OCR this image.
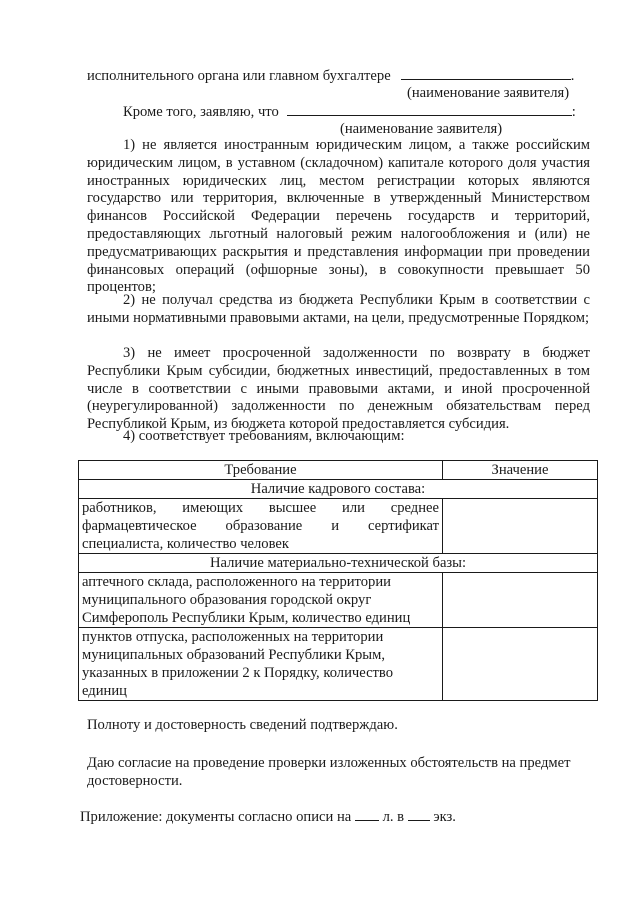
исполнительного органа или главном бухгалтере	.
(наименование заявителя)
Кроме того, заявляю, что	:
(наименование заявителя)

1) не является иностранным юридическим лицом, а также российским юридическим лицом, в уставном (складочном) капитале которого доля участия иностранных юридических лиц, местом регистрации которых являются государство или территория, включенные в утвержденный Министерством финансов Российской Федерации перечень государств и территорий, предоставляющих льготный налоговый режим налогообложения и (или) не предусматривающих раскрытия и представления информации при проведении финансовых операций (офшорные зоны), в совокупности превышает 50 процентов;

2) не получал средства из бюджета Республики Крым в соответствии с иными нормативными правовыми актами, на цели, предусмотренные Порядком;

3) не имеет просроченной задолженности по возврату в бюджет Республики Крым субсидии, бюджетных инвестиций, предоставленных в том числе в соответствии с иными правовыми актами, и иной просроченной (неурегулированной) задолженности по денежным обязательствам перед Республикой Крым, из бюджета которой предоставляется субсидия.

4) соответствует требованиям, включающим:

Требование	Значение
Наличие кадрового состава:	
работников, имеющих высшее или среднее фармацевтическое образование и сертификат специалиста, количество человек	
Наличие материально-технической базы:	

аптечного склада, расположенного на территории
муниципального образования городской округ
Симферополь Республики Крым, количество единиц	

пунктов отпуска, расположенных на территории
муниципальных образований Республики Крым,
указанных в приложении 2 к Порядку, количество
единиц	

Полноту и достоверность сведений подтверждаю.

Даю согласие на проведение проверки изложенных обстоятельств на предмет достоверности.

Приложение: документы согласно описи на л. в экз.
